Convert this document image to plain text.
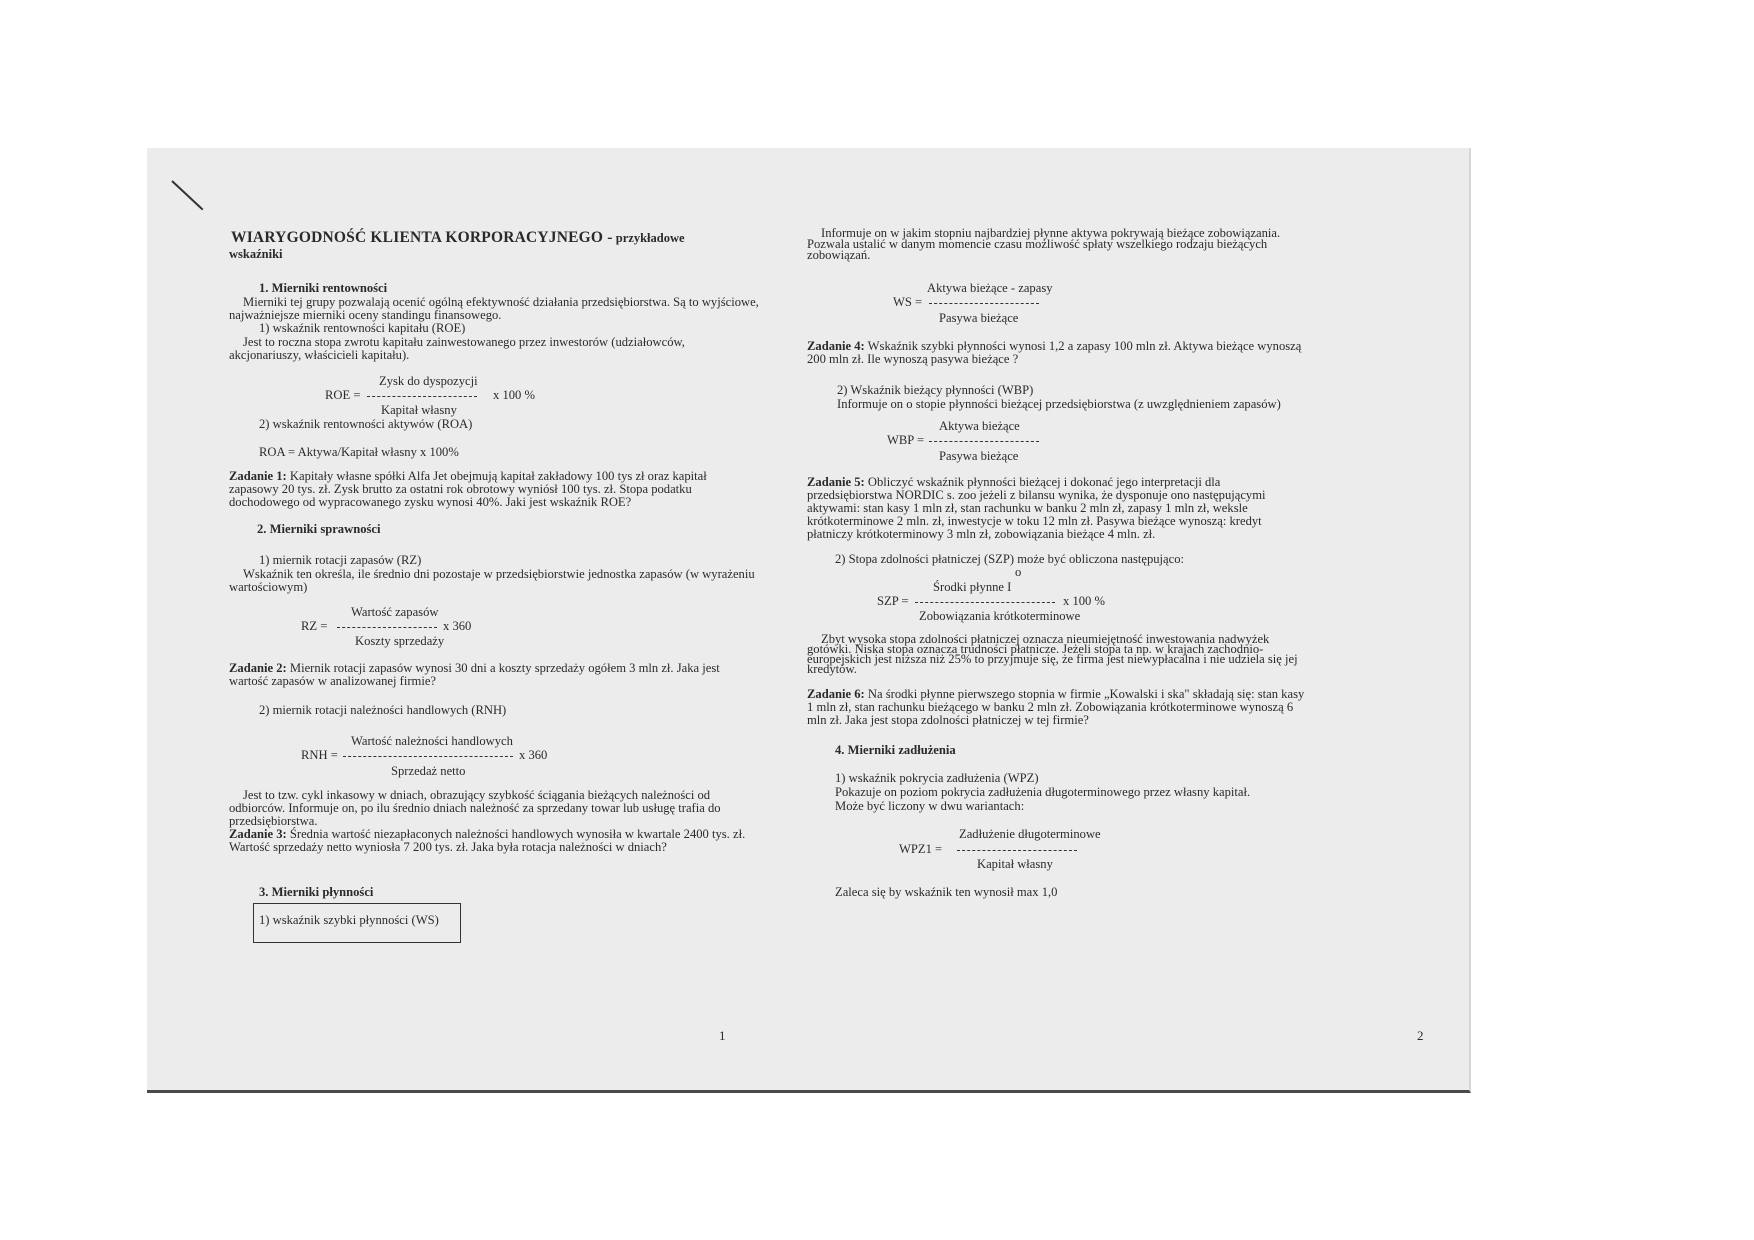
WIARYGODNOŚĆ KLIENTA KORPORACYJNEGO - przykładowe
wskaźniki
1. Mierniki rentowności
Mierniki tej grupy pozwalają ocenić ogólną efektywność działania przedsiębiorstwa. Są to wyjściowe, najważniejsze mierniki oceny standingu finansowego.
1) wskaźnik rentowności kapitału (ROE)
Jest to roczna stopa zwrotu kapitału zainwestowanego przez inwestorów (udziałowców, akcjonariuszy, właścicieli kapitału).
Zysk do dyspozycji
ROE =	x 100 %
Kapitał własny
2) wskaźnik rentowności aktywów (ROA)
ROA = Aktywa/Kapitał własny x 100%
Zadanie 1: Kapitały własne spółki Alfa Jet obejmują kapitał zakładowy 100 tys zł oraz kapitał zapasowy 20 tys. zł. Zysk brutto za ostatni rok obrotowy wyniósł 100 tys. zł. Stopa podatku dochodowego od wypracowanego zysku wynosi 40%. Jaki jest wskaźnik ROE?
2. Mierniki sprawności
1) miernik rotacji zapasów (RZ)
Wskaźnik ten określa, ile średnio dni pozostaje w przedsiębiorstwie jednostka zapasów (w wyrażeniu wartościowym)
Wartość zapasów
RZ =	x 360
Koszty sprzedaży
Zadanie 2: Miernik rotacji zapasów wynosi 30 dni a koszty sprzedaży ogółem 3 mln zł. Jaka jest wartość zapasów w analizowanej firmie?
2) miernik rotacji należności handlowych (RNH)
Wartość należności handlowych
RNH =	x 360
Sprzedaż netto
Jest to tzw. cykl inkasowy w dniach, obrazujący szybkość ściągania bieżących należności od odbiorców. Informuje on, po ilu średnio dniach należność za sprzedany towar lub usługę trafia do przedsiębiorstwa.
Zadanie 3: Średnia wartość niezapłaconych należności handlowych wynosiła w kwartale 2400 tys. zł. Wartość sprzedaży netto wyniosła 7 200 tys. zł. Jaka była rotacja należności w dniach?
3. Mierniki płynności
1) wskaźnik szybki płynności (WS)
1
Informuje on w jakim stopniu najbardziej płynne aktywa pokrywają bieżące zobowiązania. Pozwala ustalić w danym momencie czasu możliwość spłaty wszelkiego rodzaju bieżących zobowiązań.
Aktywa bieżące - zapasy
WS =
Pasywa bieżące
Zadanie 4: Wskaźnik szybki płynności wynosi 1,2 a zapasy 100 mln zł. Aktywa bieżące wynoszą 200 mln zł. Ile wynoszą pasywa bieżące ?
2) Wskaźnik bieżący płynności (WBP)
Informuje on o stopie płynności bieżącej przedsiębiorstwa (z uwzględnieniem zapasów)
Aktywa bieżące
WBP =
Pasywa bieżące
Zadanie 5: Obliczyć wskaźnik płynności bieżącej i dokonać jego interpretacji dla przedsiębiorstwa NORDIC s. zoo jeżeli z bilansu wynika, że dysponuje ono następującymi aktywami: stan kasy 1 mln zł, stan rachunku w banku 2 mln zł, zapasy 1 mln zł, weksle krótkoterminowe 2 mln. zł, inwestycje w toku 12 mln zł. Pasywa bieżące wynoszą: kredyt płatniczy krótkoterminowy 3 mln zł, zobowiązania bieżące 4 mln. zł.
2) Stopa zdolności płatniczej (SZP) może być obliczona następująco:
o
Środki płynne I
SZP =	x 100 %
Zobowiązania krótkoterminowe
Zbyt wysoka stopa zdolności płatniczej oznacza nieumiejętność inwestowania nadwyżek gotówki. Niska stopa oznacza trudności płatnicze. Jeżeli stopa ta np. w krajach zachodnio-europejskich jest niższa niż 25% to przyjmuje się, że firma jest niewypłacalna i nie udziela się jej kredytów.
Zadanie 6: Na środki płynne pierwszego stopnia w firmie „Kowalski i ska" składają się: stan kasy 1 mln zł, stan rachunku bieżącego w banku 2 mln zł. Zobowiązania krótkoterminowe wynoszą 6 mln zł. Jaka jest stopa zdolności płatniczej w tej firmie?
4. Mierniki zadłużenia
1) wskaźnik pokrycia zadłużenia (WPZ)
Pokazuje on poziom pokrycia zadłużenia długoterminowego przez własny kapitał.
Może być liczony w dwu wariantach:
Zadłużenie długoterminowe
WPZ1 =
Kapitał własny
Zaleca się by wskaźnik ten wynosił max 1,0
2
